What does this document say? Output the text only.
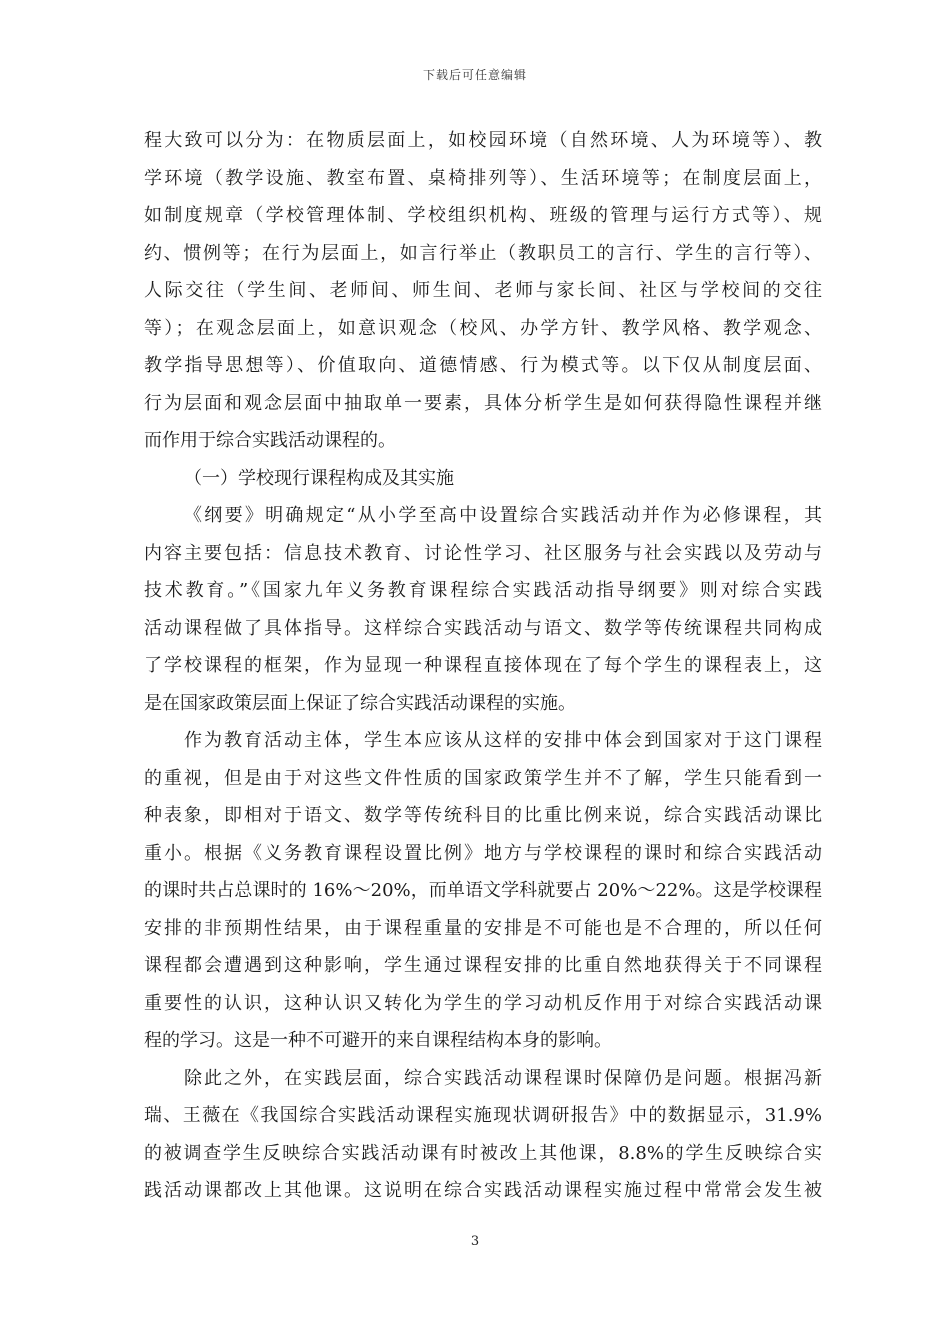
下载后可任意编辑
程大致可以分为：在物质层面上，如校园环境（自然环境、人为环境等）、教
学环境（教学设施、教室布置、桌椅排列等）、生活环境等；在制度层面上，
如制度规章（学校管理体制、学校组织机构、班级的管理与运行方式等）、规
约、惯例等；在行为层面上，如言行举止（教职员工的言行、学生的言行等）、
人际交往（学生间、老师间、师生间、老师与家长间、社区与学校间的交往
等）；在观念层面上，如意识观念（校风、办学方针、教学风格、教学观念、
教学指导思想等）、价值取向、道德情感、行为模式等。以下仅从制度层面、
行为层面和观念层面中抽取单一要素，具体分析学生是如何获得隐性课程并继
而作用于综合实践活动课程的。
（一）学校现行课程构成及其实施
《纲要》明确规定“从小学至高中设置综合实践活动并作为必修课程，其
内容主要包括：信息技术教育、讨论性学习、社区服务与社会实践以及劳动与
技术教育。”《国家九年义务教育课程综合实践活动指导纲要》则对综合实践
活动课程做了具体指导。这样综合实践活动与语文、数学等传统课程共同构成
了学校课程的框架，作为显现一种课程直接体现在了每个学生的课程表上，这
是在国家政策层面上保证了综合实践活动课程的实施。
作为教育活动主体，学生本应该从这样的安排中体会到国家对于这门课程
的重视，但是由于对这些文件性质的国家政策学生并不了解，学生只能看到一
种表象，即相对于语文、数学等传统科目的比重比例来说，综合实践活动课比
重小。根据《义务教育课程设置比例》地方与学校课程的课时和综合实践活动
的课时共占总课时的 16%～20%，而单语文学科就要占 20%～22%。这是学校课程
安排的非预期性结果，由于课程重量的安排是不可能也是不合理的，所以任何
课程都会遭遇到这种影响，学生通过课程安排的比重自然地获得关于不同课程
重要性的认识，这种认识又转化为学生的学习动机反作用于对综合实践活动课
程的学习。这是一种不可避开的来自课程结构本身的影响。
除此之外，在实践层面，综合实践活动课程课时保障仍是问题。根据冯新
瑞、王薇在《我国综合实践活动课程实施现状调研报告》中的数据显示，31.9%
的被调查学生反映综合实践活动课有时被改上其他课，8.8%的学生反映综合实
践活动课都改上其他课。这说明在综合实践活动课程实施过程中常常会发生被
3
